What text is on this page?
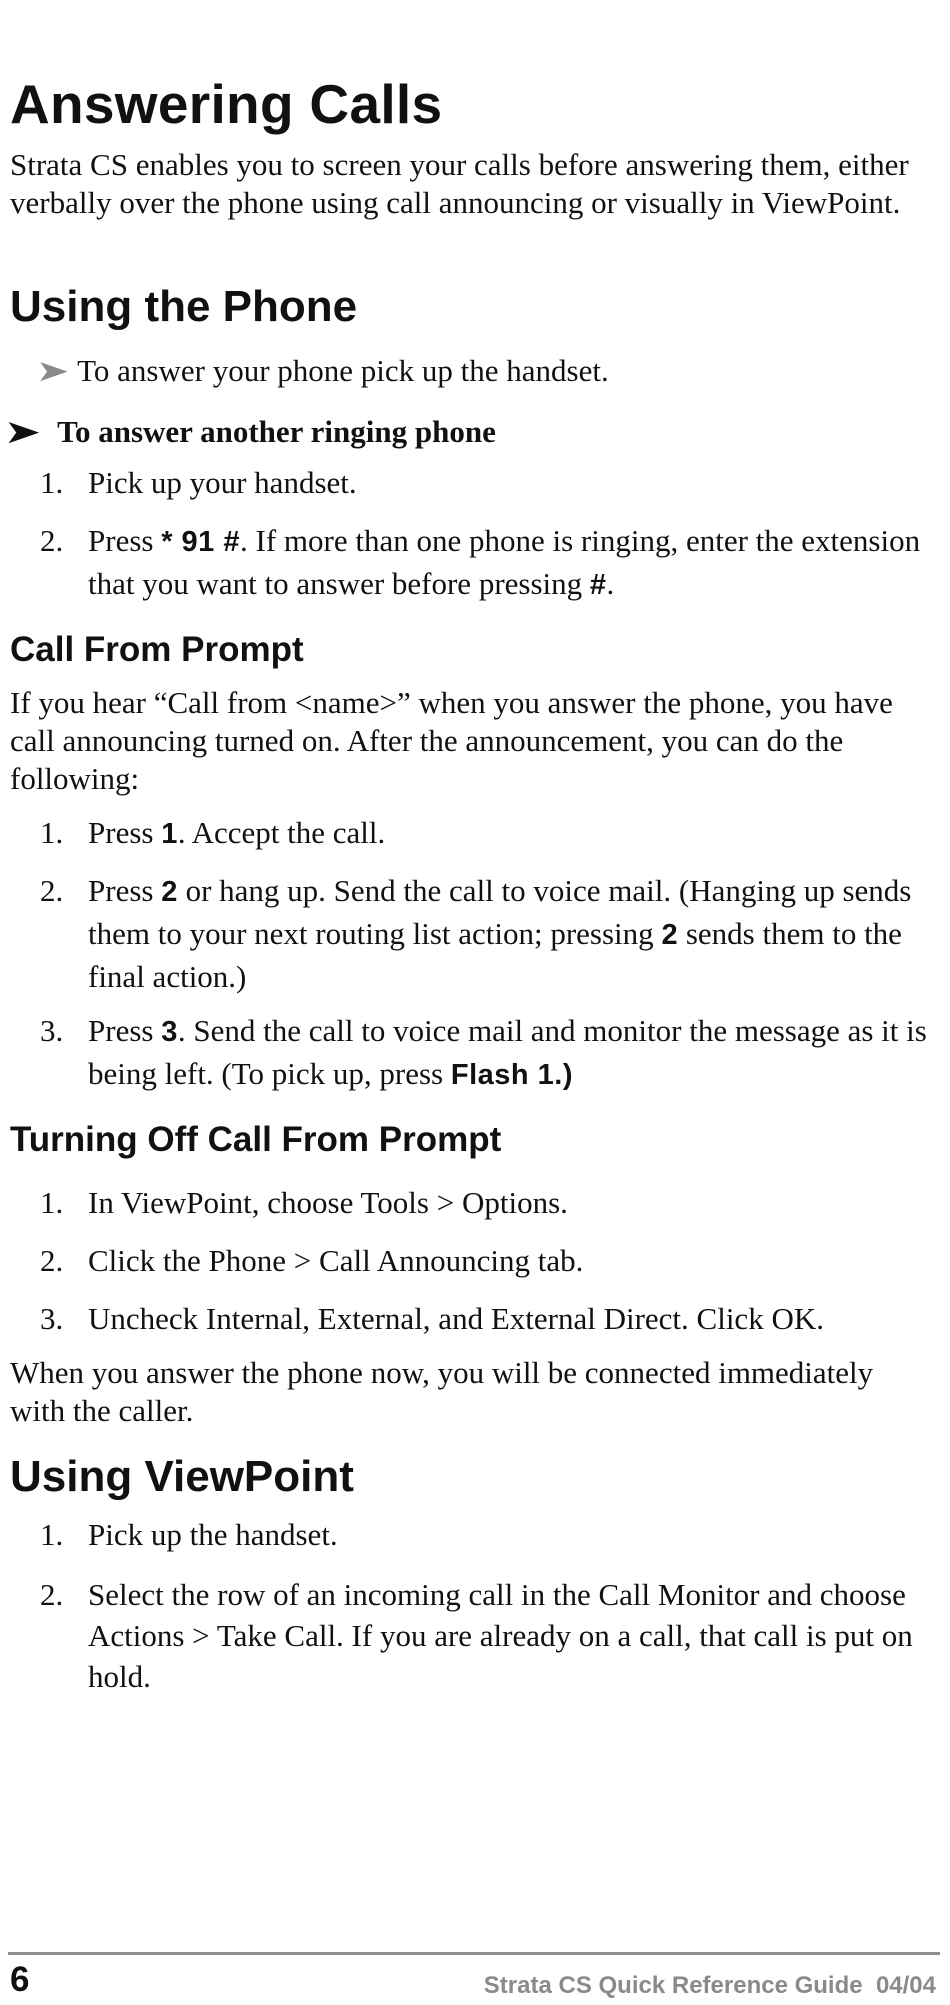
Answering Calls

Strata CS enables you to screen your calls before answering them, either verbally over the phone using call announcing or visually in ViewPoint.

Using the Phone
➤ To answer your phone pick up the handset.
➤ To answer another ringing phone
1. Pick up your handset.
2. Press * 91 #. If more than one phone is ringing, enter the extension that you want to answer before pressing #.
Call From Prompt

If you hear “Call from <name>” when you answer the phone, you have call announcing turned on. After the announcement, you can do the following:

1. Press 1. Accept the call.
2. Press 2 or hang up. Send the call to voice mail. (Hanging up sends them to your next routing list action; pressing 2 sends them to the final action.)
3. Press 3. Send the call to voice mail and monitor the message as it is being left. (To pick up, press Flash 1.)
Turning Off Call From Prompt
1. In ViewPoint, choose Tools > Options.
2. Click the Phone > Call Announcing tab.
3. Uncheck Internal, External, and External Direct. Click OK.

When you answer the phone now, you will be connected immediately with the caller.

Using ViewPoint
1. Pick up the handset.
2. Select the row of an incoming call in the Call Monitor and choose Actions > Take Call. If you are already on a call, that call is put on hold.
6	Strata CS Quick Reference Guide 04/04
